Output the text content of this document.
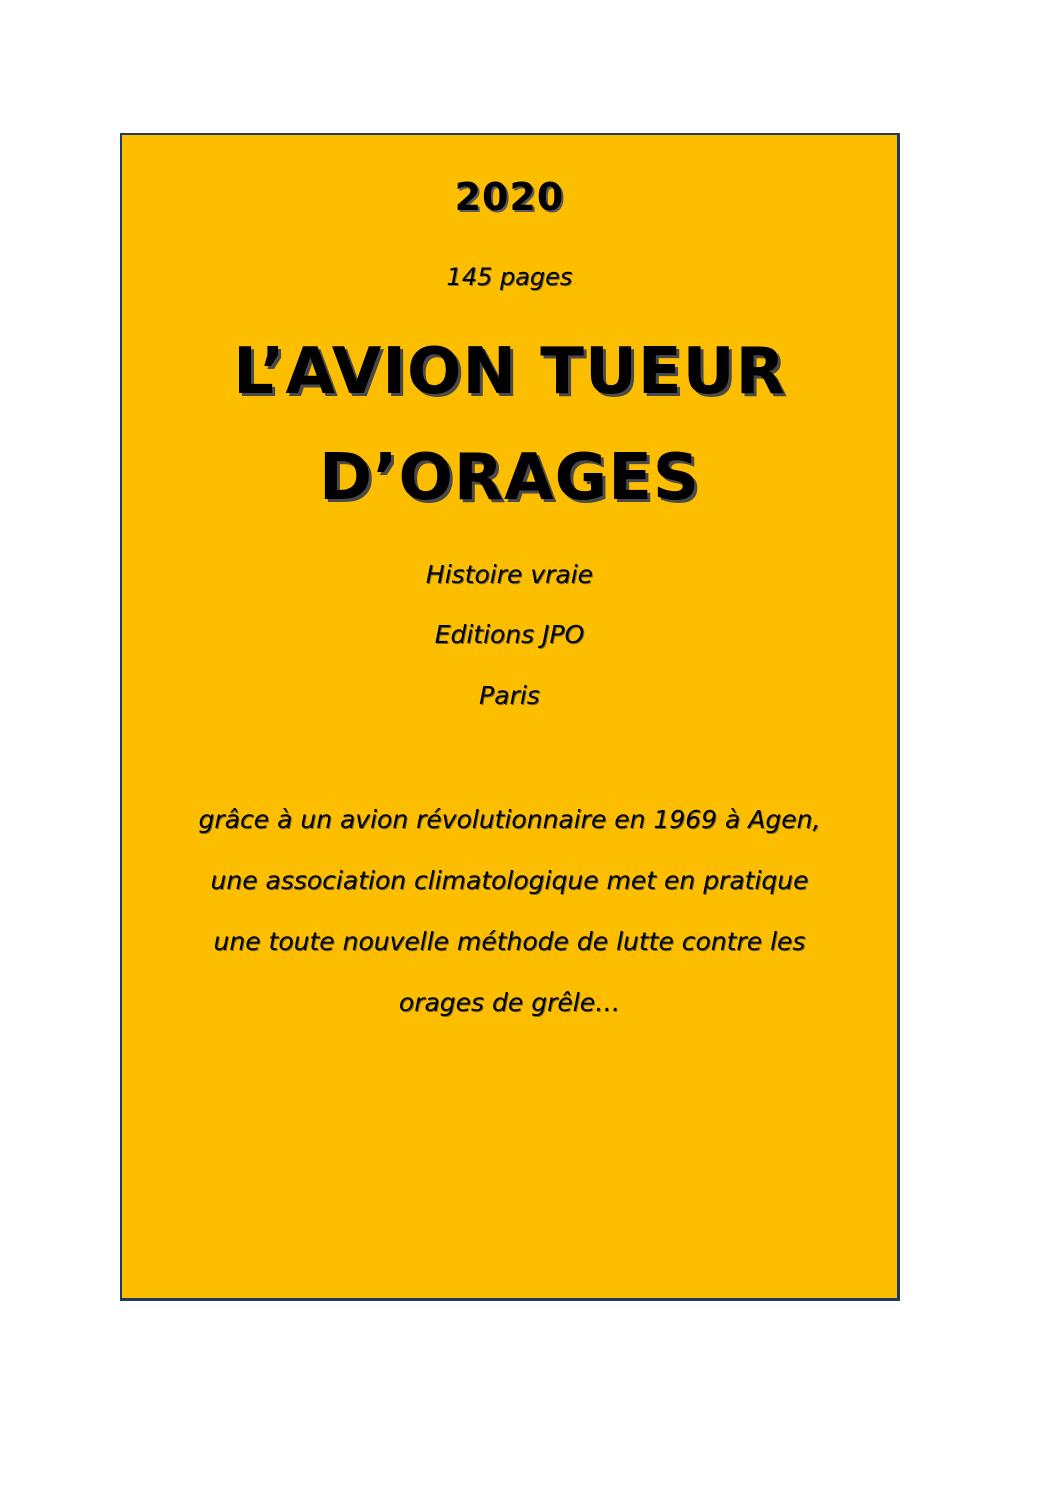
2020
145 pages
L’AVION TUEUR
D’ORAGES
Histoire vraie
Editions JPO
Paris
grâce à un avion révolutionnaire en 1969 à Agen,
une association climatologique met en pratique
une toute nouvelle méthode de lutte contre les
orages de grêle…
